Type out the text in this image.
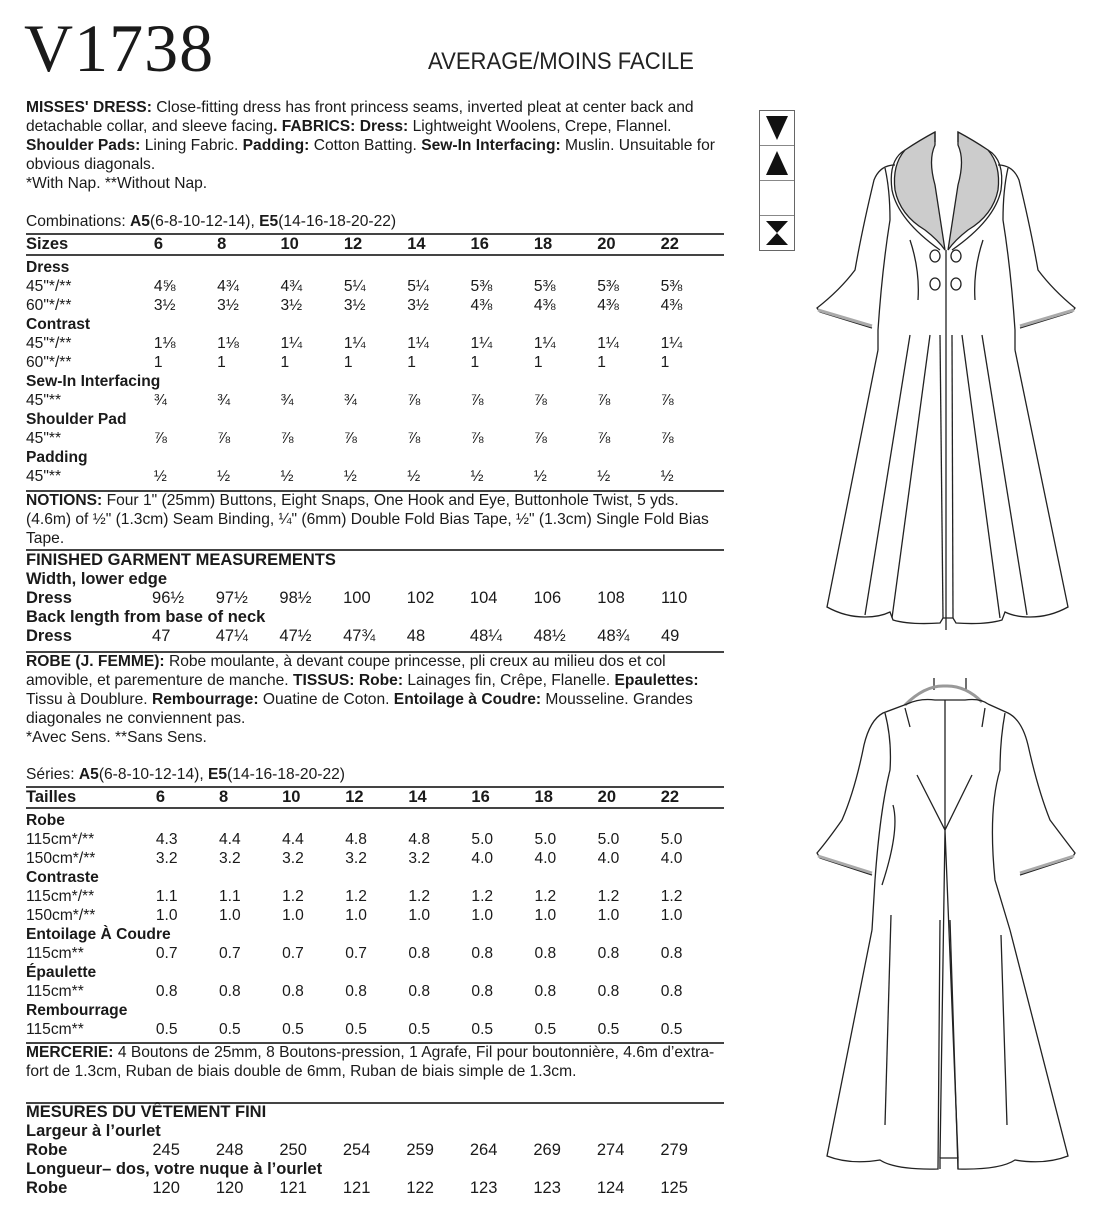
V1738	AVERAGE/MOINS FACILE
MISSES' DRESS: Close-fitting dress has front princess seams, inverted pleat at center back and detachable collar, and sleeve facing. FABRICS: Dress: Lightweight Woolens, Crepe, Flannel. Shoulder Pads: Lining Fabric. Padding: Cotton Batting. Sew-In Interfacing: Muslin. Unsuitable for obvious diagonals.
*With Nap. **Without Nap.
Combinations: A5(6-8-10-12-14), E5(14-16-18-20-22)
Sizes	6	8	10	12	14	16	18	20	22

Dress									
45"*/**	4⅝	4¾	4¾	5¼	5¼	5⅜	5⅜	5⅜	5⅜
60"*/**	3½	3½	3½	3½	3½	4⅜	4⅜	4⅜	4⅜
Contrast									
45"*/**	1⅛	1⅛	1¼	1¼	1¼	1¼	1¼	1¼	1¼
60"*/**	1	1	1	1	1	1	1	1	1
Sew-In Interfacing									
45"**	¾	¾	¾	¾	⅞	⅞	⅞	⅞	⅞
Shoulder Pad									
45"**	⅞	⅞	⅞	⅞	⅞	⅞	⅞	⅞	⅞
Padding									
45"**	½	½	½	½	½	½	½	½	½
NOTIONS: Four 1" (25mm) Buttons, Eight Snaps, One Hook and Eye, Buttonhole Twist, 5 yds. (4.6m) of ½" (1.3cm) Seam Binding, ¼" (6mm) Double Fold Bias Tape, ½" (1.3cm) Single Fold Bias Tape.
FINISHED GARMENT MEASUREMENTS									
Width, lower edge									
Dress	96½	97½	98½	100	102	104	106	108	110
Back length from base of neck									
Dress	47	47¼	47½	47¾	48	48¼	48½	48¾	49
ROBE (J. FEMME): Robe moulante, à devant coupe princesse, pli creux au milieu dos et col amovible, et parementure de manche. TISSUS: Robe: Lainages fin, Crêpe, Flanelle. Epaulettes: Tissu à Doublure. Rembourrage: Ouatine de Coton. Entoilage à Coudre: Mousseline. Grandes diagonales ne conviennent pas.
*Avec Sens. **Sans Sens.
Séries: A5(6-8-10-12-14), E5(14-16-18-20-22)
Tailles	6	8	10	12	14	16	18	20	22

Robe									
115cm*/**	4.3	4.4	4.4	4.8	4.8	5.0	5.0	5.0	5.0
150cm*/**	3.2	3.2	3.2	3.2	3.2	4.0	4.0	4.0	4.0
Contraste									
115cm*/**	1.1	1.1	1.2	1.2	1.2	1.2	1.2	1.2	1.2
150cm*/**	1.0	1.0	1.0	1.0	1.0	1.0	1.0	1.0	1.0
Entoilage À Coudre									
115cm**	0.7	0.7	0.7	0.7	0.8	0.8	0.8	0.8	0.8
Épaulette									
115cm**	0.8	0.8	0.8	0.8	0.8	0.8	0.8	0.8	0.8
Rembourrage									
115cm**	0.5	0.5	0.5	0.5	0.5	0.5	0.5	0.5	0.5
MERCERIE: 4 Boutons de 25mm, 8 Boutons-pression, 1 Agrafe, Fil pour boutonnière, 4.6m d’extra-fort de 1.3cm, Ruban de biais double de 6mm, Ruban de biais simple de 1.3cm.
MESURES DU VÊTEMENT FINI									
Largeur à l’ourlet									
Robe	245	248	250	254	259	264	269	274	279
Longueur– dos, votre nuque à l’ourlet									
Robe	120	120	121	121	122	123	123	124	125
